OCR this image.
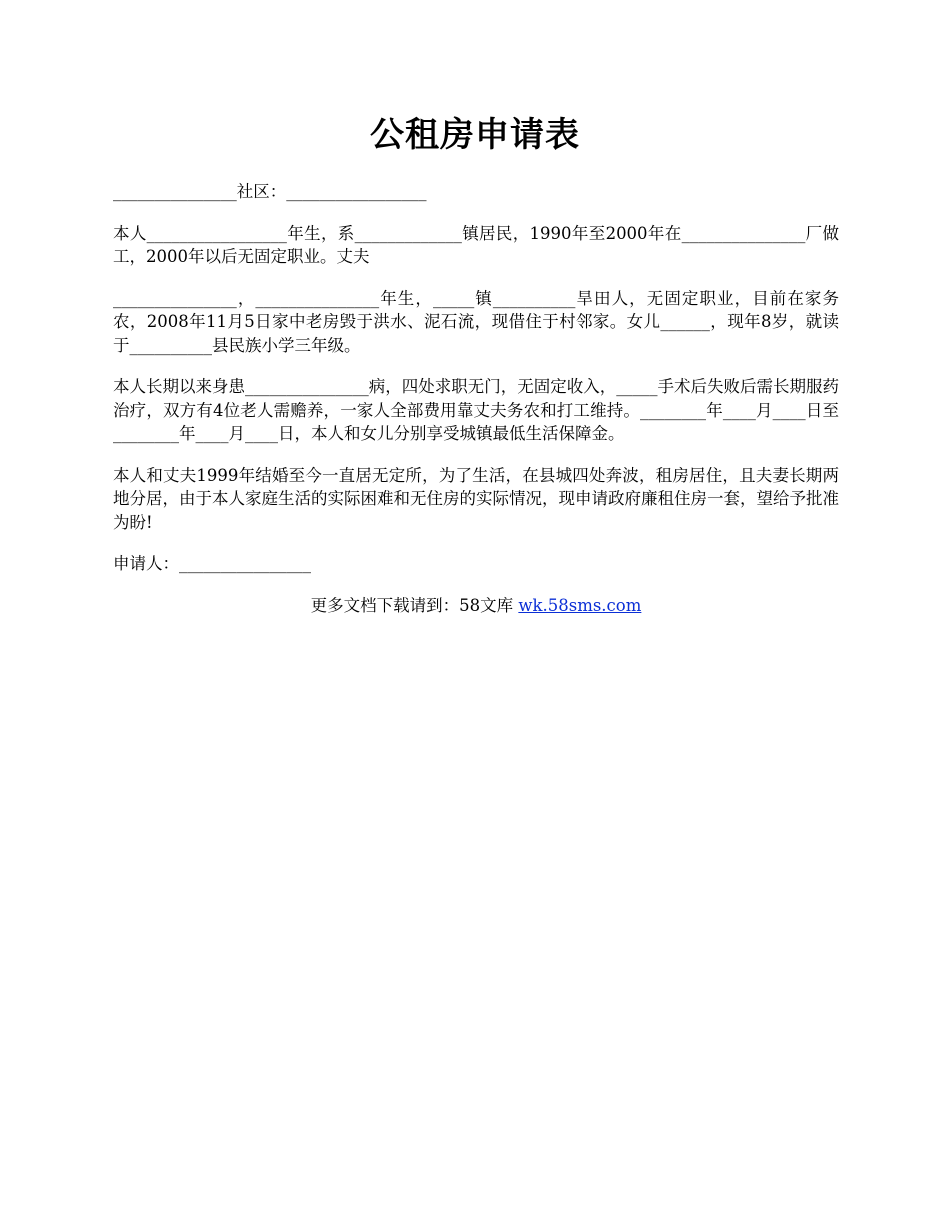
公租房申请表

_______________社区：_________________

本人_________________年生，系_____________镇居民，1990年至2000年在_______________厂做工，2000年以后无固定职业。丈夫

_______________，_______________年生，_____镇__________旱田人，无固定职业，目前在家务农，2008年11月5日家中老房毁于洪水、泥石流，现借住于村邻家。女儿______，现年8岁，就读于__________县民族小学三年级。

本人长期以来身患_______________病，四处求职无门，无固定收入，_____手术后失败后需长期服药治疗，双方有4位老人需赡养，一家人全部费用靠丈夫务农和打工维持。________年____月____日至________年____月____日，本人和女儿分别享受城镇最低生活保障金。

本人和丈夫1999年结婚至今一直居无定所，为了生活，在县城四处奔波，租房居住，且夫妻长期两地分居，由于本人家庭生活的实际困难和无住房的实际情况，现申请政府廉租住房一套，望给予批准为盼!

申请人：________________

更多文档下载请到：58文库 wk.58sms.com
